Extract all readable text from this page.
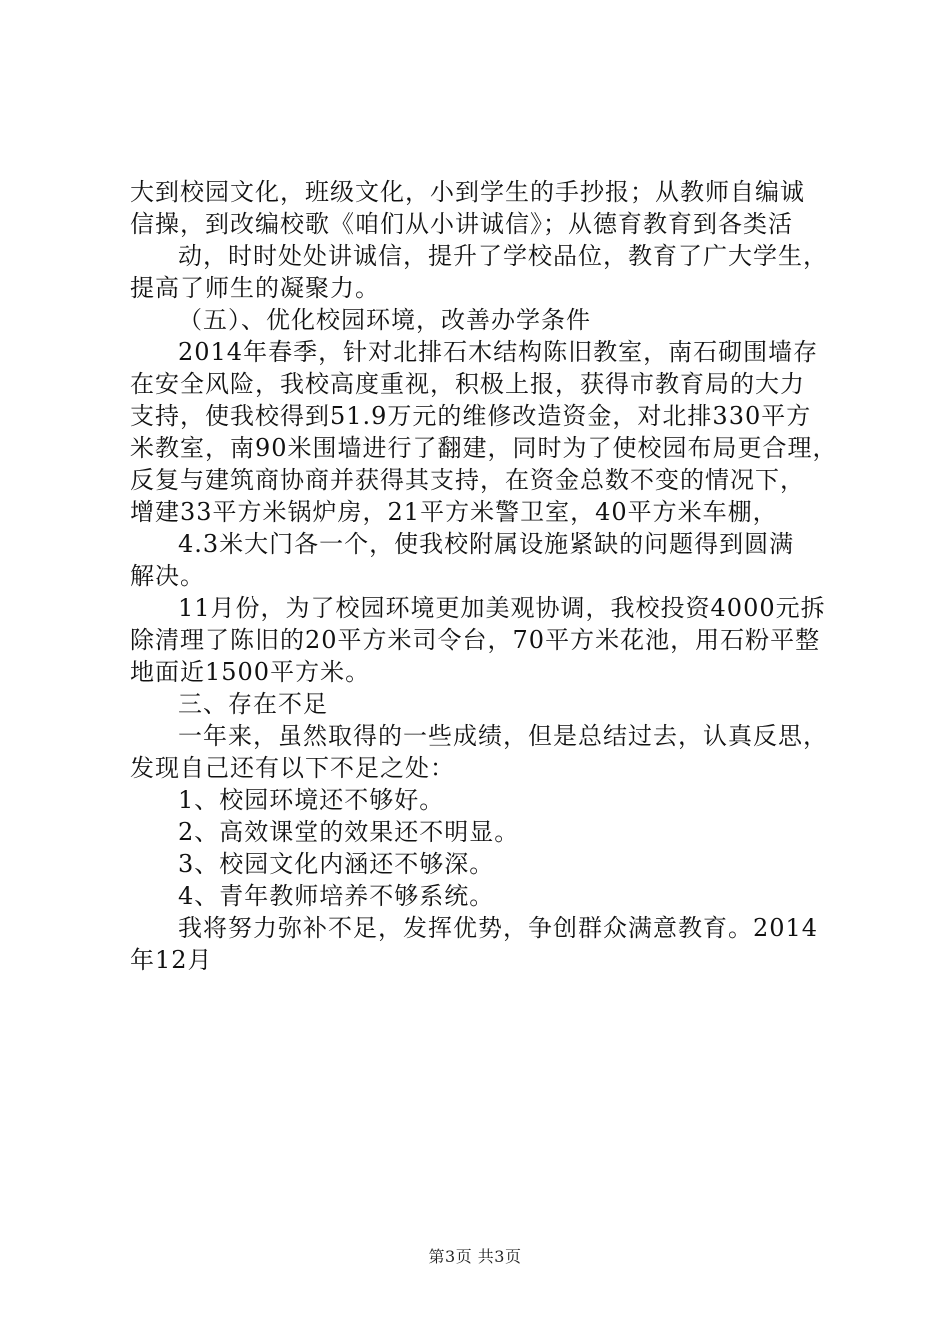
大到校园文化，班级文化，小到学生的手抄报；从教师自编诚
信操，到改编校歌《咱们从小讲诚信》；从德育教育到各类活
动，时时处处讲诚信，提升了学校品位，教育了广大学生，
提高了师生的凝聚力。
（五）、优化校园环境，改善办学条件
2014年春季，针对北排石木结构陈旧教室，南石砌围墙存
在安全风险，我校高度重视，积极上报，获得市教育局的大力
支持，使我校得到51.9万元的维修改造资金，对北排330平方
米教室，南90米围墙进行了翻建，同时为了使校园布局更合理，
反复与建筑商协商并获得其支持，在资金总数不变的情况下，
增建33平方米锅炉房，21平方米警卫室，40平方米车棚，
4.3米大门各一个，使我校附属设施紧缺的问题得到圆满
解决。
11月份，为了校园环境更加美观协调，我校投资4000元拆
除清理了陈旧的20平方米司令台，70平方米花池，用石粉平整
地面近1500平方米。
三、存在不足
一年来，虽然取得的一些成绩，但是总结过去，认真反思，
发现自己还有以下不足之处：
1、校园环境还不够好。
2、高效课堂的效果还不明显。
3、校园文化内涵还不够深。
4、青年教师培养不够系统。
我将努力弥补不足，发挥优势，争创群众满意教育。2014
年12月
第3页 共3页
